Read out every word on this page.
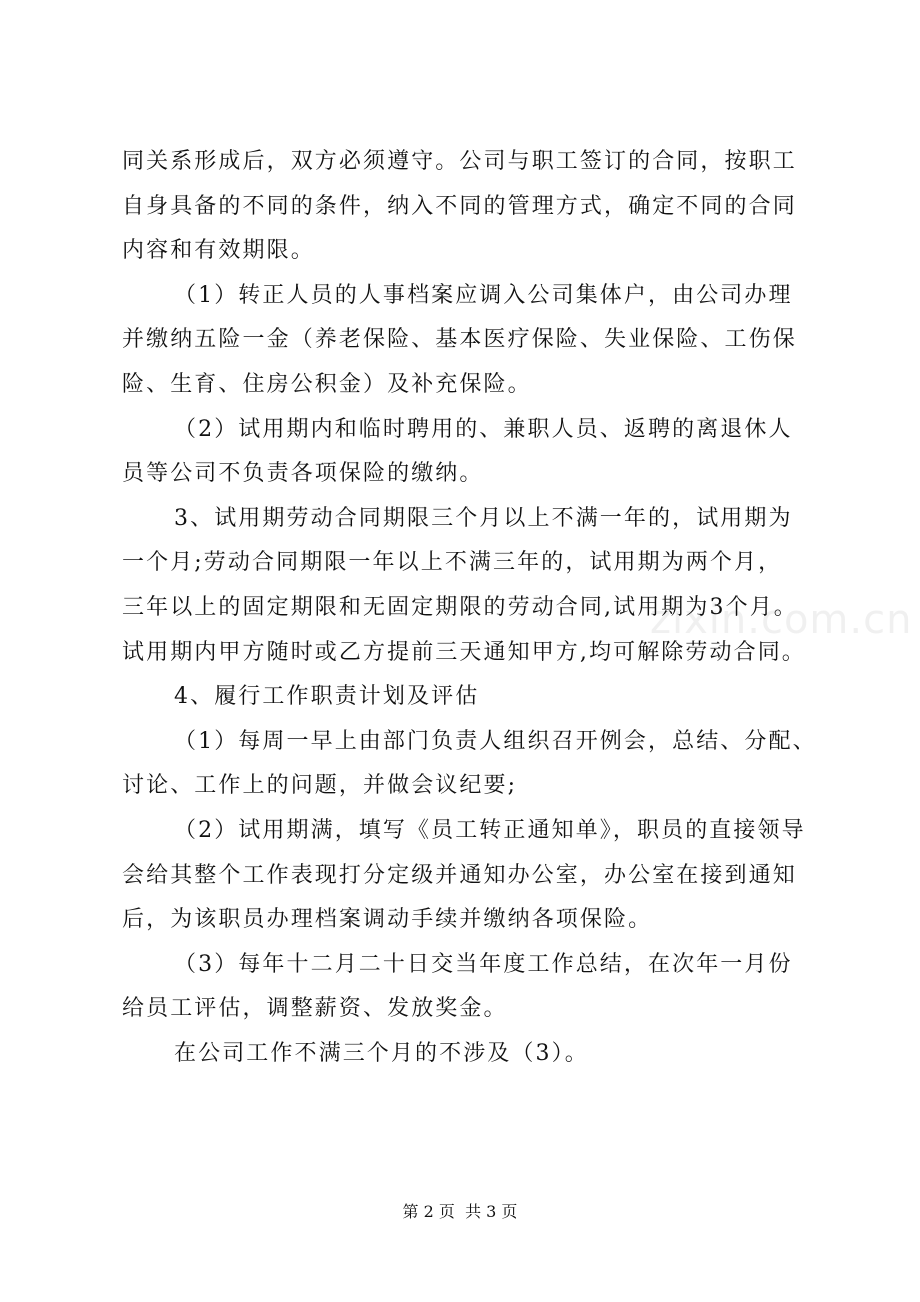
zixin.com.cn
同关系形成后，双方必须遵守。公司与职工签订的合同，按职工
自身具备的不同的条件，纳入不同的管理方式，确定不同的合同
内容和有效期限。
（1）转正人员的人事档案应调入公司集体户，由公司办理
并缴纳五险一金（养老保险、基本医疗保险、失业保险、工伤保
险、生育、住房公积金）及补充保险。
（2）试用期内和临时聘用的、兼职人员、返聘的离退休人
员等公司不负责各项保险的缴纳。
3、试用期劳动合同期限三个月以上不满一年的，试用期为
一个月;劳动合同期限一年以上不满三年的，试用期为两个月，
三年以上的固定期限和无固定期限的劳动合同,试用期为3个月。
试用期内甲方随时或乙方提前三天通知甲方,均可解除劳动合同。
4、履行工作职责计划及评估
（1）每周一早上由部门负责人组织召开例会，总结、分配、
讨论、工作上的问题，并做会议纪要;
（2）试用期满，填写《员工转正通知单》，职员的直接领导
会给其整个工作表现打分定级并通知办公室，办公室在接到通知
后，为该职员办理档案调动手续并缴纳各项保险。
（3）每年十二月二十日交当年度工作总结，在次年一月份
给员工评估，调整薪资、发放奖金。
在公司工作不满三个月的不涉及（3）。
第 2 页  共 3 页
